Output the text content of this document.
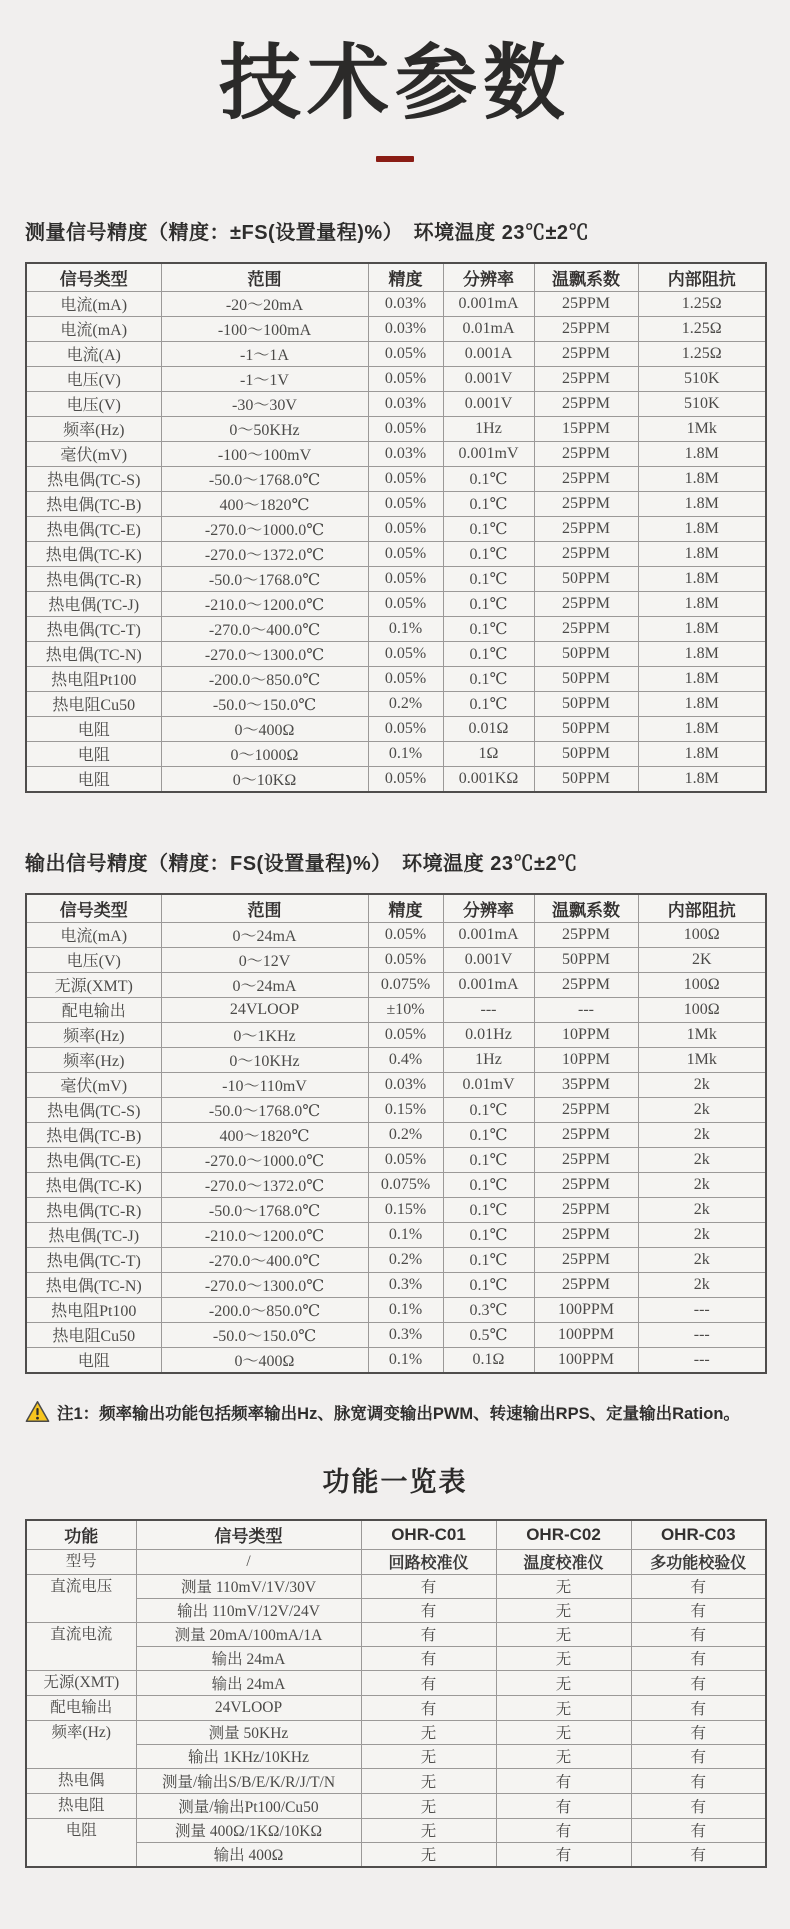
技术参数
测量信号精度（精度：±FS(设置量程)%）　环境温度 23℃±2℃
信号类型	范围	精度	分辨率	温飘系数	内部阻抗
电流(mA)	-20～20mA	0.03%	0.001mA	25PPM	1.25Ω
电流(mA)	-100～100mA	0.03%	0.01mA	25PPM	1.25Ω
电流(A)	-1～1A	0.05%	0.001A	25PPM	1.25Ω
电压(V)	-1～1V	0.05%	0.001V	25PPM	510K
电压(V)	-30～30V	0.03%	0.001V	25PPM	510K
频率(Hz)	0～50KHz	0.05%	1Hz	15PPM	1Mk
毫伏(mV)	-100～100mV	0.03%	0.001mV	25PPM	1.8M
热电偶(TC-S)	-50.0～1768.0℃	0.05%	0.1℃	25PPM	1.8M
热电偶(TC-B)	400～1820℃	0.05%	0.1℃	25PPM	1.8M
热电偶(TC-E)	-270.0～1000.0℃	0.05%	0.1℃	25PPM	1.8M
热电偶(TC-K)	-270.0～1372.0℃	0.05%	0.1℃	25PPM	1.8M
热电偶(TC-R)	-50.0～1768.0℃	0.05%	0.1℃	50PPM	1.8M
热电偶(TC-J)	-210.0～1200.0℃	0.05%	0.1℃	25PPM	1.8M
热电偶(TC-T)	-270.0～400.0℃	0.1%	0.1℃	25PPM	1.8M
热电偶(TC-N)	-270.0～1300.0℃	0.05%	0.1℃	50PPM	1.8M
热电阻Pt100	-200.0～850.0℃	0.05%	0.1℃	50PPM	1.8M
热电阻Cu50	-50.0～150.0℃	0.2%	0.1℃	50PPM	1.8M
电阻	0～400Ω	0.05%	0.01Ω	50PPM	1.8M
电阻	0～1000Ω	0.1%	1Ω	50PPM	1.8M
电阻	0～10KΩ	0.05%	0.001KΩ	50PPM	1.8M
输出信号精度（精度：FS(设置量程)%）　环境温度 23℃±2℃
信号类型	范围	精度	分辨率	温飘系数	内部阻抗
电流(mA)	0～24mA	0.05%	0.001mA	25PPM	100Ω
电压(V)	0～12V	0.05%	0.001V	50PPM	2K
无源(XMT)	0～24mA	0.075%	0.001mA	25PPM	100Ω
配电输出	24VLOOP	±10%	---	---	100Ω
频率(Hz)	0～1KHz	0.05%	0.01Hz	10PPM	1Mk
频率(Hz)	0～10KHz	0.4%	1Hz	10PPM	1Mk
毫伏(mV)	-10～110mV	0.03%	0.01mV	35PPM	2k
热电偶(TC-S)	-50.0～1768.0℃	0.15%	0.1℃	25PPM	2k
热电偶(TC-B)	400～1820℃	0.2%	0.1℃	25PPM	2k
热电偶(TC-E)	-270.0～1000.0℃	0.05%	0.1℃	25PPM	2k
热电偶(TC-K)	-270.0～1372.0℃	0.075%	0.1℃	25PPM	2k
热电偶(TC-R)	-50.0～1768.0℃	0.15%	0.1℃	25PPM	2k
热电偶(TC-J)	-210.0～1200.0℃	0.1%	0.1℃	25PPM	2k
热电偶(TC-T)	-270.0～400.0℃	0.2%	0.1℃	25PPM	2k
热电偶(TC-N)	-270.0～1300.0℃	0.3%	0.1℃	25PPM	2k
热电阻Pt100	-200.0～850.0℃	0.1%	0.3℃	100PPM	---
热电阻Cu50	-50.0～150.0℃	0.3%	0.5℃	100PPM	---
电阻	0～400Ω	0.1%	0.1Ω	100PPM	---
注1：频率输出功能包括频率输出Hz、脉宽调变输出PWM、转速输出RPS、定量输出Ration。
功能一览表
功能	信号类型	OHR-C01	OHR-C02	OHR-C03
型号	/	回路校准仪	温度校准仪	多功能校验仪
直流电压	测量 110mV/1V/30V	有	无	有
	输出 110mV/12V/24V	有	无	有
直流电流	测量 20mA/100mA/1A	有	无	有
	输出 24mA	有	无	有
无源(XMT)	输出 24mA	有	无	有
配电输出	24VLOOP	有	无	有
频率(Hz)	测量 50KHz	无	无	有
	输出 1KHz/10KHz	无	无	有
热电偶	测量/输出S/B/E/K/R/J/T/N	无	有	有
热电阻	测量/输出Pt100/Cu50	无	有	有
电阻	测量 400Ω/1KΩ/10KΩ	无	有	有
	输出 400Ω	无	有	有
